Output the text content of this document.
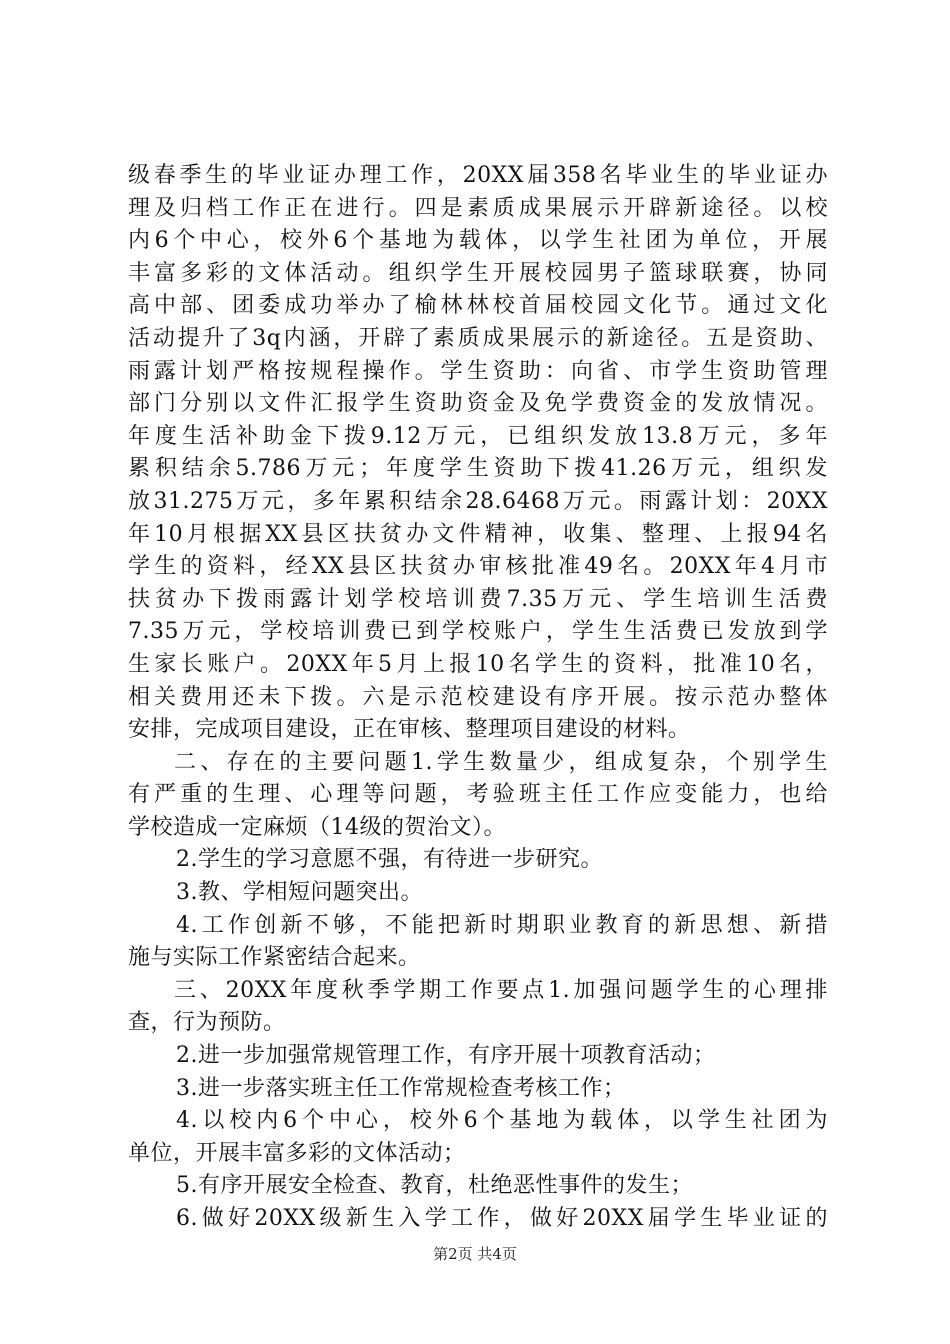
级春季生的毕业证办理工作，20XX届358名毕业生的毕业证办
理及归档工作正在进行。四是素质成果展示开辟新途径。以校
内6个中心，校外6个基地为载体，以学生社团为单位，开展
丰富多彩的文体活动。组织学生开展校园男子篮球联赛，协同
高中部、团委成功举办了榆林林校首届校园文化节。通过文化
活动提升了3q内涵，开辟了素质成果展示的新途径。五是资助、
雨露计划严格按规程操作。学生资助：向省、市学生资助管理
部门分别以文件汇报学生资助资金及免学费资金的发放情况。
年度生活补助金下拨9.12万元，已组织发放13.8万元，多年
累积结余5.786万元；年度学生资助下拨41.26万元，组织发
放31.275万元，多年累积结余28.6468万元。雨露计划：20XX
年10月根据XX县区扶贫办文件精神，收集、整理、上报94名
学生的资料，经XX县区扶贫办审核批准49名。20XX年4月市
扶贫办下拨雨露计划学校培训费7.35万元、学生培训生活费
7.35万元，学校培训费已到学校账户，学生生活费已发放到学
生家长账户。20XX年5月上报10名学生的资料，批准10名，
相关费用还未下拨。六是示范校建设有序开展。按示范办整体
安排，完成项目建设，正在审核、整理项目建设的材料。
二、存在的主要问题1.学生数量少，组成复杂，个别学生
有严重的生理、心理等问题，考验班主任工作应变能力，也给
学校造成一定麻烦（14级的贺治文）。
2.学生的学习意愿不强，有待进一步研究。
3.教、学相短问题突出。
4.工作创新不够，不能把新时期职业教育的新思想、新措
施与实际工作紧密结合起来。
三、20XX年度秋季学期工作要点1.加强问题学生的心理排
查，行为预防。
2.进一步加强常规管理工作，有序开展十项教育活动；
3.进一步落实班主任工作常规检查考核工作；
4.以校内6个中心，校外6个基地为载体，以学生社团为
单位，开展丰富多彩的文体活动；
5.有序开展安全检查、教育，杜绝恶性事件的发生；
6.做好20XX级新生入学工作，做好20XX届学生毕业证的
第2页 共4页
